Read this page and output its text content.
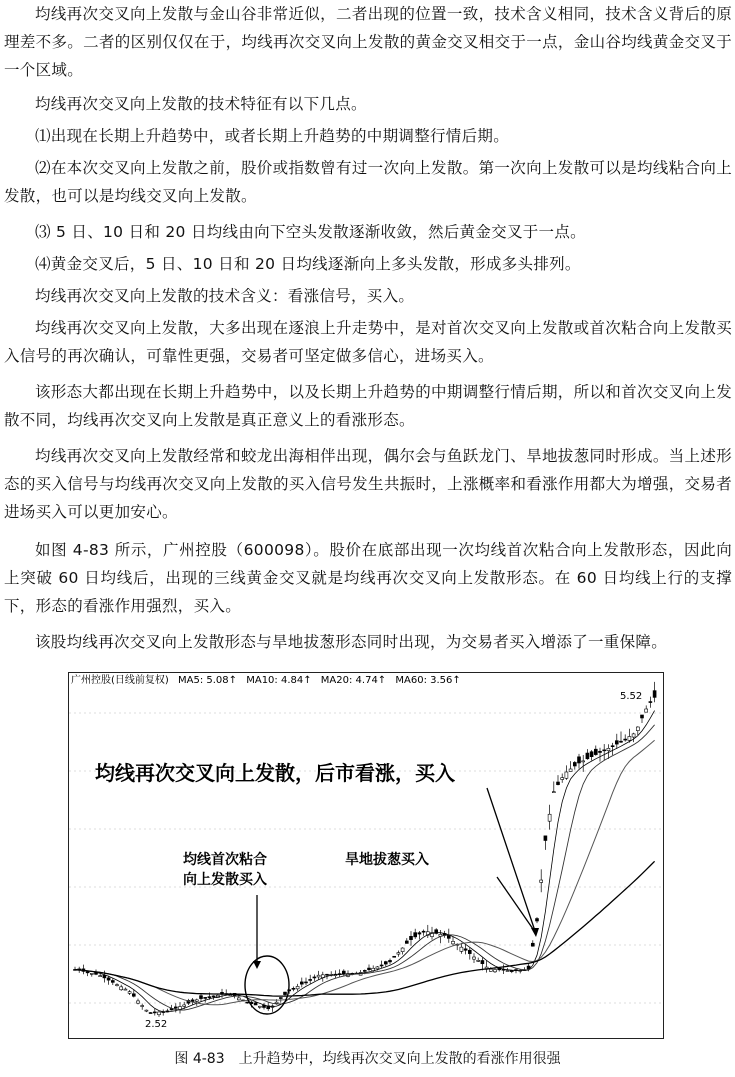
均线再次交叉向上发散与金山谷非常近似，二者出现的位置一致，技术含义相同，技术含义背后的原理差不多。二者的区别仅仅在于，均线再次交叉向上发散的黄金交叉相交于一点，金山谷均线黄金交叉于一个区域。

均线再次交叉向上发散的技术特征有以下几点。

⑴出现在长期上升趋势中，或者长期上升趋势的中期调整行情后期。

⑵在本次交叉向上发散之前，股价或指数曾有过一次向上发散。第一次向上发散可以是均线粘合向上发散，也可以是均线交叉向上发散。

⑶ 5 日、10 日和 20 日均线由向下空头发散逐渐收敛，然后黄金交叉于一点。

⑷黄金交叉后，5 日、10 日和 20 日均线逐渐向上多头发散，形成多头排列。

均线再次交叉向上发散的技术含义：看涨信号，买入。

均线再次交叉向上发散，大多出现在逐浪上升走势中，是对首次交叉向上发散或首次粘合向上发散买入信号的再次确认，可靠性更强，交易者可坚定做多信心，进场买入。

该形态大都出现在长期上升趋势中，以及长期上升趋势的中期调整行情后期，所以和首次交叉向上发散不同，均线再次交叉向上发散是真正意义上的看涨形态。

均线再次交叉向上发散经常和蛟龙出海相伴出现，偶尔会与鱼跃龙门、旱地拔葱同时形成。当上述形态的买入信号与均线再次交叉向上发散的买入信号发生共振时，上涨概率和看涨作用都大为增强，交易者进场买入可以更加安心。

如图 4-83 所示，广州控股（600098）。股价在底部出现一次均线首次粘合向上发散形态，因此向上突破 60 日均线后，出现的三线黄金交叉就是均线再次交叉向上发散形态。在 60 日均线上行的支撑下，形态的看涨作用强烈，买入。

该股均线再次交叉向上发散形态与旱地拔葱形态同时出现，为交易者买入增添了一重保障。

广州控股(日线前复权) MA5: 5.08↑ MA10: 4.84↑ MA20: 4.74↑ MA60: 3.56↑
5.52
2.52
均线再次交叉向上发散，后市看涨，买入
均线首次粘合
向上发散买入
旱地拔葱买入
图 4-83　上升趋势中，均线再次交叉向上发散的看涨作用很强
